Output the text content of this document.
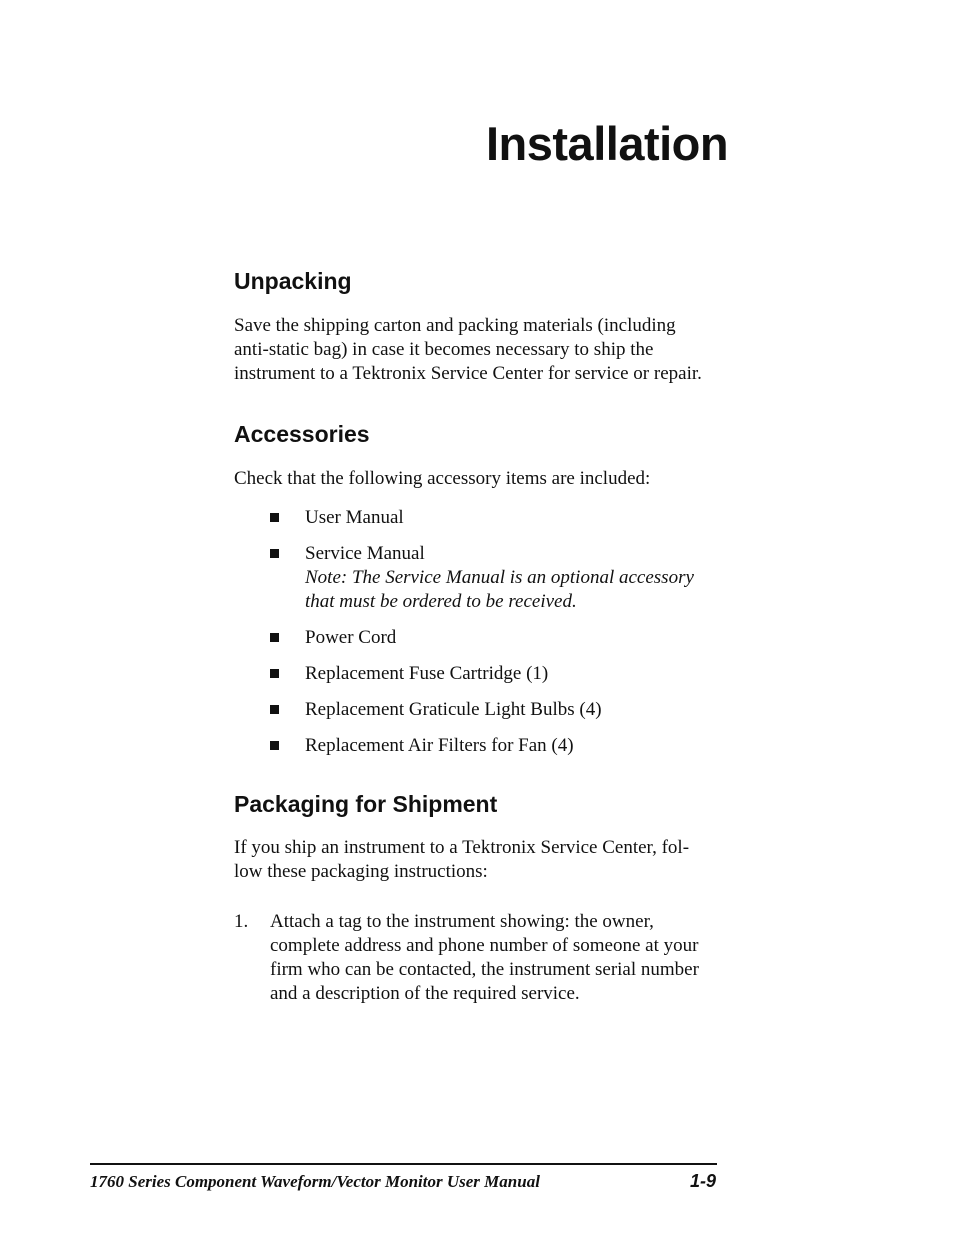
Installation
Unpacking
Save the shipping carton and packing materials (including
anti-static bag) in case it becomes necessary to ship the
instrument to a Tektronix Service Center for service or repair.
Accessories
Check that the following accessory items are included:
User Manual
Service Manual
Note: The Service Manual is an optional accessory
that must be ordered to be received.
Power Cord
Replacement Fuse Cartridge (1)
Replacement Graticule Light Bulbs (4)
Replacement Air Filters for Fan (4)
Packaging for Shipment
If you ship an instrument to a Tektronix Service Center, fol-
low these packaging instructions:
1. Attach a tag to the instrument showing: the owner,
complete address and phone number of someone at your
firm who can be contacted, the instrument serial number
and a description of the required service.
1760 Series Component Waveform/Vector Monitor User Manual	1-9
